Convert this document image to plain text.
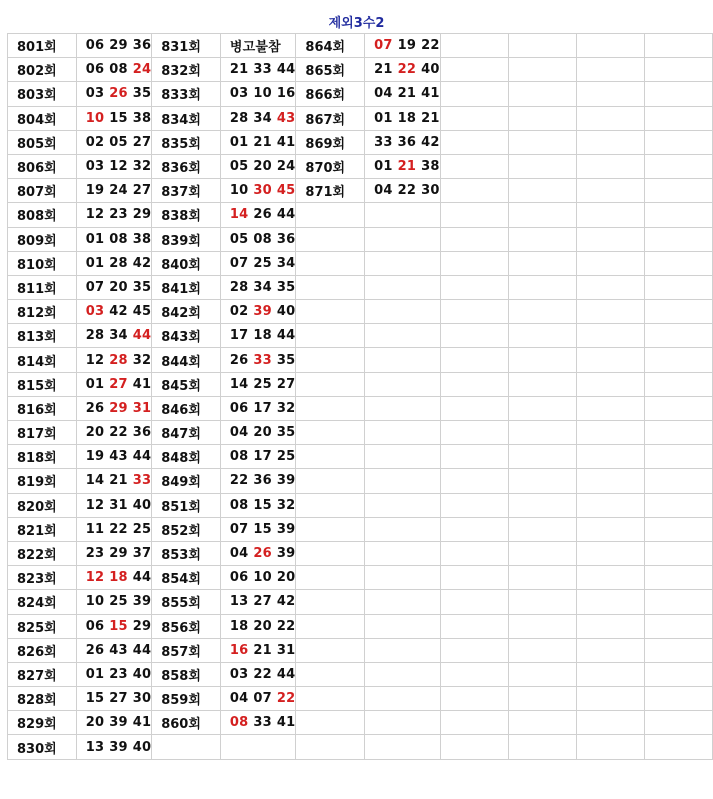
제외3수2
801회	06 29 36	831회	병고불참	864회	07 19 22				
802회	06 08 24	832회	21 33 44	865회	21 22 40				
803회	03 26 35	833회	03 10 16	866회	04 21 41				
804회	10 15 38	834회	28 34 43	867회	01 18 21				
805회	02 05 27	835회	01 21 41	869회	33 36 42				
806회	03 12 32	836회	05 20 24	870회	01 21 38				
807회	19 24 27	837회	10 30 45	871회	04 22 30				
808회	12 23 29	838회	14 26 44						
809회	01 08 38	839회	05 08 36						
810회	01 28 42	840회	07 25 34						
811회	07 20 35	841회	28 34 35						
812회	03 42 45	842회	02 39 40						
813회	28 34 44	843회	17 18 44						
814회	12 28 32	844회	26 33 35						
815회	01 27 41	845회	14 25 27						
816회	26 29 31	846회	06 17 32						
817회	20 22 36	847회	04 20 35						
818회	19 43 44	848회	08 17 25						
819회	14 21 33	849회	22 36 39						
820회	12 31 40	851회	08 15 32						
821회	11 22 25	852회	07 15 39						
822회	23 29 37	853회	04 26 39						
823회	12 18 44	854회	06 10 20						
824회	10 25 39	855회	13 27 42						
825회	06 15 29	856회	18 20 22						
826회	26 43 44	857회	16 21 31						
827회	01 23 40	858회	03 22 44						
828회	15 27 30	859회	04 07 22						
829회	20 39 41	860회	08 33 41						
830회	13 39 40								
